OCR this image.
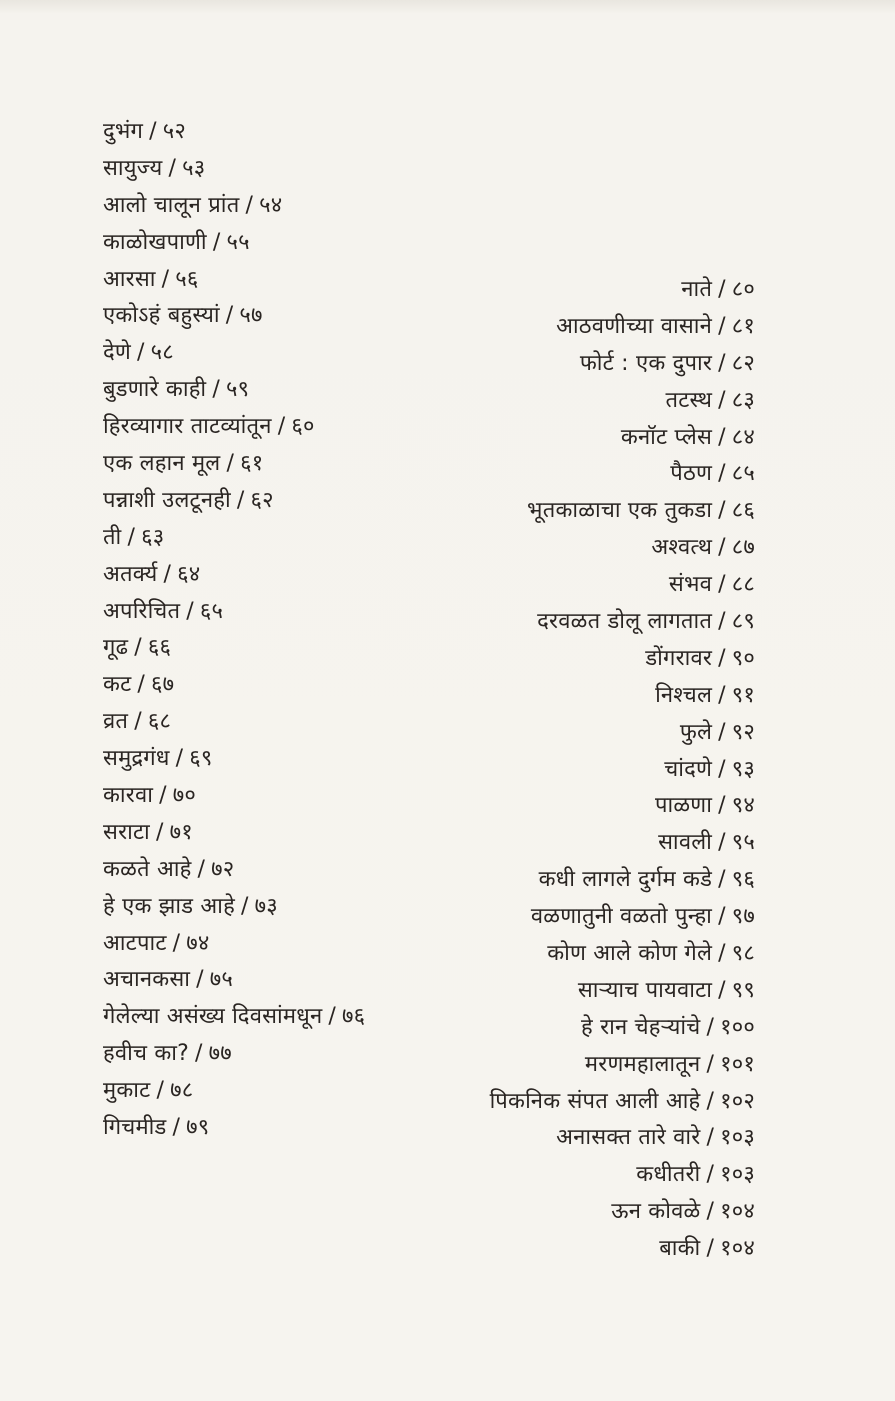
दुभंग / ५२
सायुज्य / ५३
आलो चालून प्रांत / ५४
काळोखपाणी / ५५
आरसा / ५६
एकोऽहं बहुस्यां / ५७
देणे / ५८
बुडणारे काही / ५९
हिरव्यागार ताटव्यांतून / ६०
एक लहान मूल / ६१
पन्नाशी उलटूनही / ६२
ती / ६३
अतर्क्य / ६४
अपरिचित / ६५
गूढ / ६६
कट / ६७
व्रत / ६८
समुद्रगंध / ६९
कारवा / ७०
सराटा / ७१
कळते आहे / ७२
हे एक झाड आहे / ७३
आटपाट / ७४
अचानकसा / ७५
गेलेल्या असंख्य दिवसांमधून / ७६
हवीच का? / ७७
मुकाट / ७८
गिचमीड / ७९
नाते / ८०
आठवणीच्या वासाने / ८१
फोर्ट : एक दुपार / ८२
तटस्थ / ८३
कनॉट प्लेस / ८४
पैठण / ८५
भूतकाळाचा एक तुकडा / ८६
अश्वत्थ / ८७
संभव / ८८
दरवळत डोलू लागतात / ८९
डोंगरावर / ९०
निश्चल / ९१
फुले / ९२
चांदणे / ९३
पाळणा / ९४
सावली / ९५
कधी लागले दुर्गम कडे / ९६
वळणातुनी वळतो पुन्हा / ९७
कोण आले कोण गेले / ९८
साऱ्याच पायवाटा / ९९
हे रान चेहऱ्यांचे / १००
मरणमहालातून / १०१
पिकनिक संपत आली आहे / १०२
अनासक्त तारे वारे / १०३
कधीतरी / १०३
ऊन कोवळे / १०४
बाकी / १०४
